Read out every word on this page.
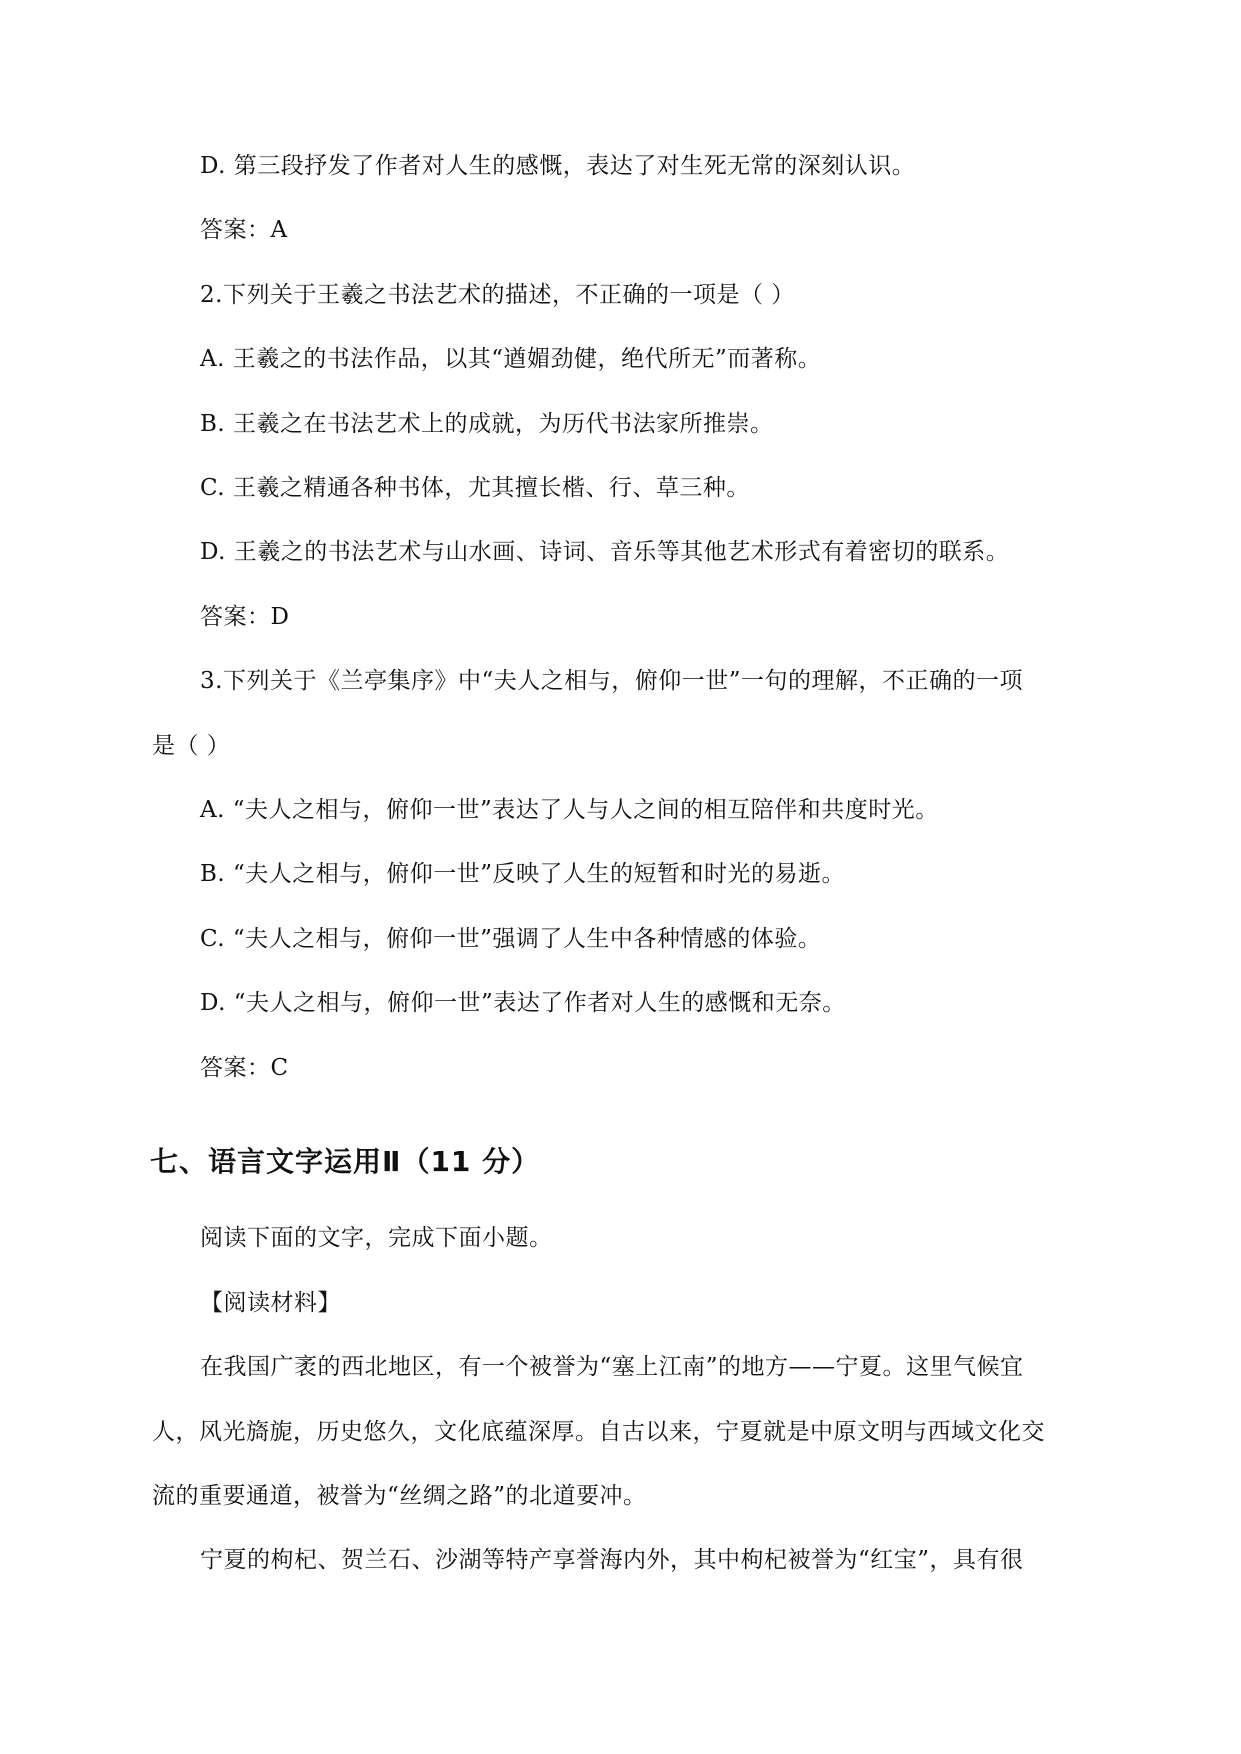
D. 第三段抒发了作者对人生的感慨，表达了对生死无常的深刻认识。
答案：A
2.下列关于王羲之书法艺术的描述，不正确的一项是（ ）
A. 王羲之的书法作品，以其“遒媚劲健，绝代所无”而著称。
B. 王羲之在书法艺术上的成就，为历代书法家所推崇。
C. 王羲之精通各种书体，尤其擅长楷、行、草三种。
D. 王羲之的书法艺术与山水画、诗词、音乐等其他艺术形式有着密切的联系。
答案：D
3.下列关于《兰亭集序》中“夫人之相与，俯仰一世”一句的理解，不正确的一项
是（ ）
A. “夫人之相与，俯仰一世”表达了人与人之间的相互陪伴和共度时光。
B. “夫人之相与，俯仰一世”反映了人生的短暂和时光的易逝。
C. “夫人之相与，俯仰一世”强调了人生中各种情感的体验。
D. “夫人之相与，俯仰一世”表达了作者对人生的感慨和无奈。
答案：C
七、语言文字运用Ⅱ（11 分）
阅读下面的文字，完成下面小题。
【阅读材料】
在我国广袤的西北地区，有一个被誉为“塞上江南”的地方——宁夏。这里气候宜
人，风光旖旎，历史悠久，文化底蕴深厚。自古以来，宁夏就是中原文明与西域文化交
流的重要通道，被誉为“丝绸之路”的北道要冲。
宁夏的枸杞、贺兰石、沙湖等特产享誉海内外，其中枸杞被誉为“红宝”，具有很
